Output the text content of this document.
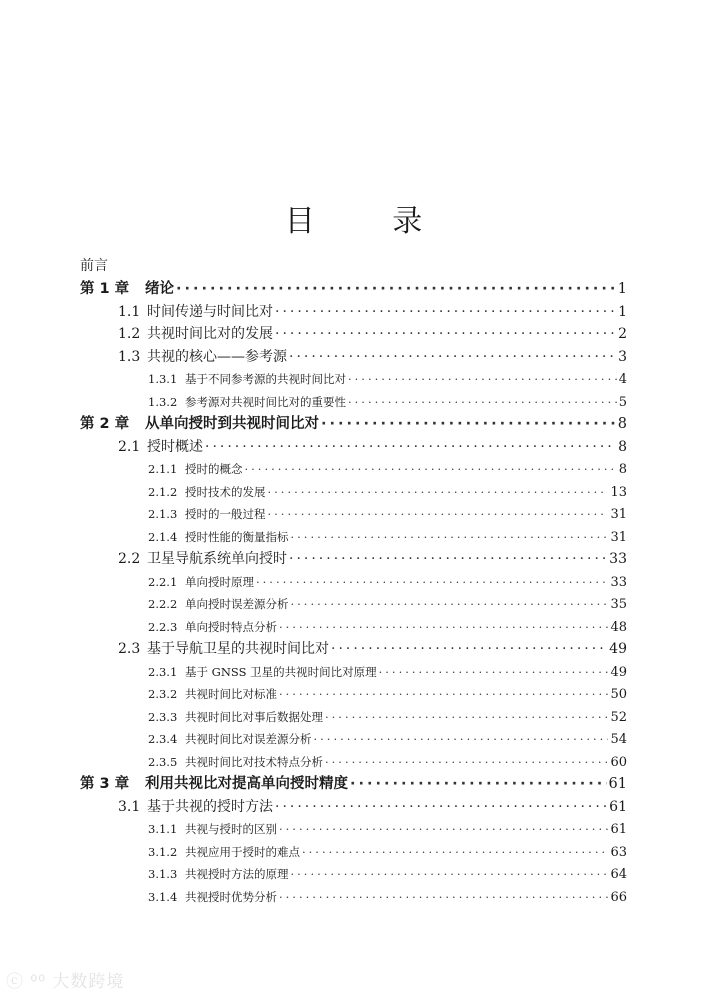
目 录
前言
第 1 章	绪论 ·····	1
1.1 时间传递与时间比对 ·····	1
1.2 共视时间比对的发展 ·····	2
1.3 共视的核心——参考源 ·····	3
1.3.1 基于不同参考源的共视时间比对 ·····	4
1.3.2 参考源对共视时间比对的重要性 ·····	5
第 2 章	从单向授时到共视时间比对 ·····	8
2.1 授时概述 ·····	8
2.1.1 授时的概念 ·····	8
2.1.2 授时技术的发展 ·····	13
2.1.3 授时的一般过程 ·····	31
2.1.4 授时性能的衡量指标 ·····	31
2.2 卫星导航系统单向授时 ·····	33
2.2.1 单向授时原理 ·····	33
2.2.2 单向授时误差源分析 ·····	35
2.2.3 单向授时特点分析 ·····	48
2.3 基于导航卫星的共视时间比对 ·····	49
2.3.1 基于 GNSS 卫星的共视时间比对原理 ·····	49
2.3.2 共视时间比对标准 ·····	50
2.3.3 共视时间比对事后数据处理 ·····	52
2.3.4 共视时间比对误差源分析 ·····	54
2.3.5 共视时间比对技术特点分析 ·····	60
第 3 章	利用共视比对提高单向授时精度 ·····	61
3.1 基于共视的授时方法 ·····	61
3.1.1 共视与授时的区别 ·····	61
3.1.2 共视应用于授时的难点 ·····	63
3.1.3 共视授时方法的原理 ·····	64
3.1.4 共视授时优势分析 ·····	66
ⓒ ⁰⁰ 大数跨境
